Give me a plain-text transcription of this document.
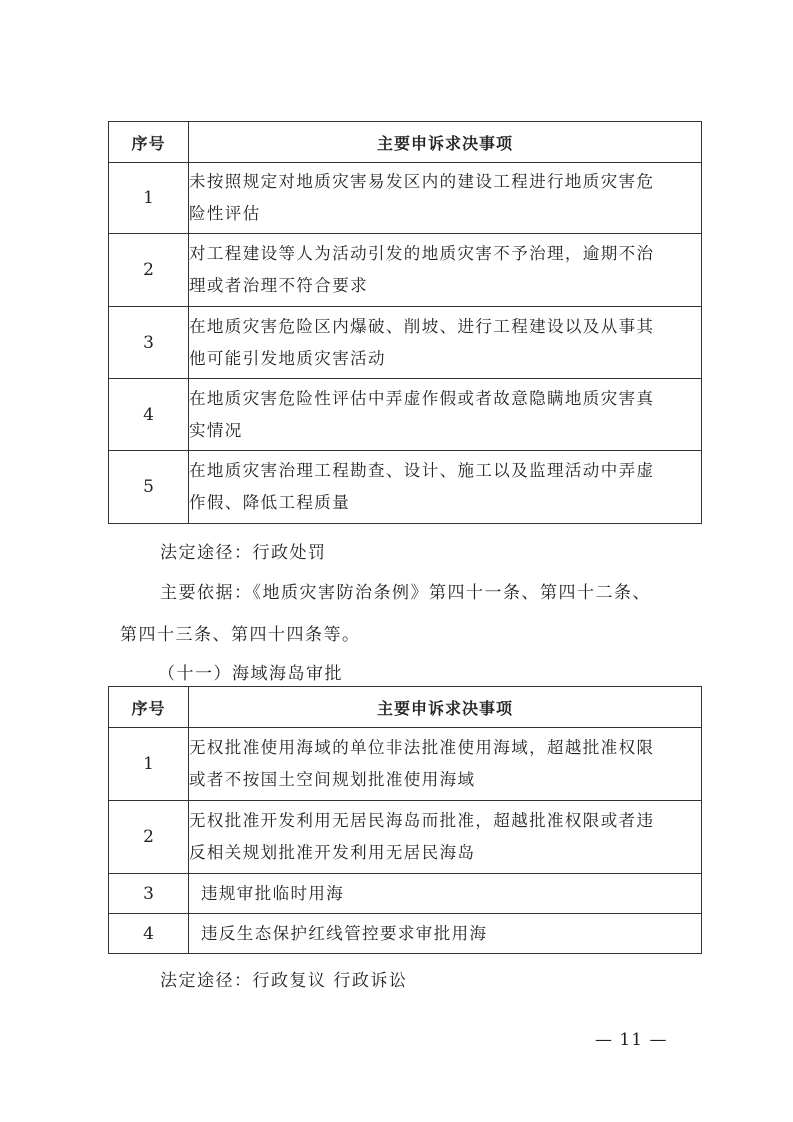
序号	主要申诉求决事项
1	未按照规定对地质灾害易发区内的建设工程进行地质灾害危
险性评估

2	对工程建设等人为活动引发的地质灾害不予治理，逾期不治
理或者治理不符合要求

3	在地质灾害危险区内爆破、削坡、进行工程建设以及从事其
他可能引发地质灾害活动

4	在地质灾害危险性评估中弄虚作假或者故意隐瞒地质灾害真
实情况

5	在地质灾害治理工程勘查、设计、施工以及监理活动中弄虚
作假、降低工程质量
法定途径：行政处罚
主要依据：《地质灾害防治条例》第四十一条、第四十二条、
第四十三条、第四十四条等。
（十一）海域海岛审批
序号	主要申诉求决事项
1	无权批准使用海域的单位非法批准使用海域，超越批准权限
或者不按国土空间规划批准使用海域

2	无权批准开发利用无居民海岛而批准，超越批准权限或者违
反相关规划批准开发利用无居民海岛

3	违规审批临时用海
4	违反生态保护红线管控要求审批用海
法定途径：行政复议 行政诉讼
— 11 —
